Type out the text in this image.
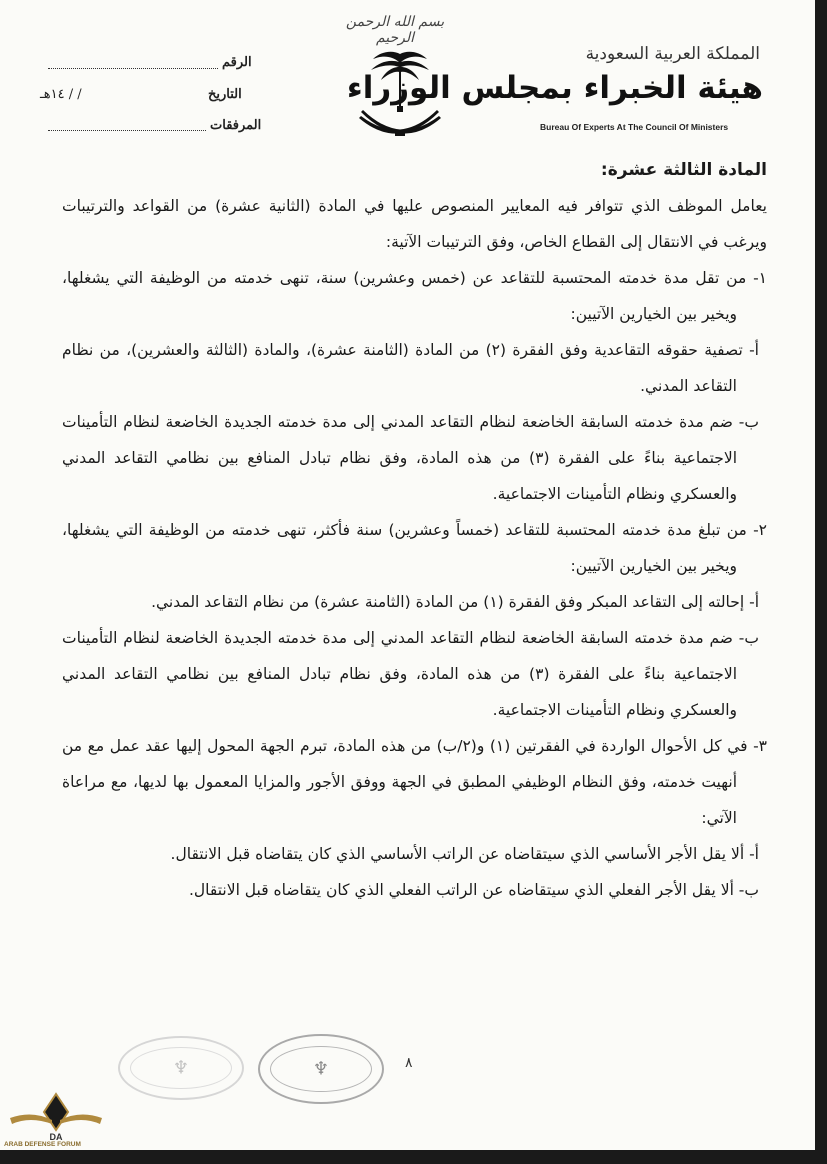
بسم الله الرحمن الرحيم
المملكة العربية السعودية
هيئة الخبراء بمجلس الوزراء
Bureau Of Experts At The Council Of Ministers
الرقم
التاريخ
/ / ١٤هـ
المرفقات

المادة الثالثة عشرة:

يعامل الموظف الذي تتوافر فيه المعايير المنصوص عليها في المادة (الثانية عشرة) من القواعد والترتيبات ويرغب في الانتقال إلى القطاع الخاص، وفق الترتيبات الآتية:

١- من تقل مدة خدمته المحتسبة للتقاعد عن (خمس وعشرين) سنة، تنهى خدمته من الوظيفة التي يشغلها، ويخير بين الخيارين الآتيين:

أ- تصفية حقوقه التقاعدية وفق الفقرة (٢) من المادة (الثامنة عشرة)، والمادة (الثالثة والعشرين)، من نظام التقاعد المدني.

ب- ضم مدة خدمته السابقة الخاضعة لنظام التقاعد المدني إلى مدة خدمته الجديدة الخاضعة لنظام التأمينات الاجتماعية بناءً على الفقرة (٣) من هذه المادة، وفق نظام تبادل المنافع بين نظامي التقاعد المدني والعسكري ونظام التأمينات الاجتماعية.

٢- من تبلغ مدة خدمته المحتسبة للتقاعد (خمساً وعشرين) سنة فأكثر، تنهى خدمته من الوظيفة التي يشغلها، ويخير بين الخيارين الآتيين:

أ- إحالته إلى التقاعد المبكر وفق الفقرة (١) من المادة (الثامنة عشرة) من نظام التقاعد المدني.

ب- ضم مدة خدمته السابقة الخاضعة لنظام التقاعد المدني إلى مدة خدمته الجديدة الخاضعة لنظام التأمينات الاجتماعية بناءً على الفقرة (٣) من هذه المادة، وفق نظام تبادل المنافع بين نظامي التقاعد المدني والعسكري ونظام التأمينات الاجتماعية.

٣- في كل الأحوال الواردة في الفقرتين (١) و(٢/ب) من هذه المادة، تبرم الجهة المحول إليها عقد عمل مع من أنهيت خدمته، وفق النظام الوظيفي المطبق في الجهة ووفق الأجور والمزايا المعمول بها لديها، مع مراعاة الآتي:

أ- ألا يقل الأجر الأساسي الذي سيتقاضاه عن الراتب الأساسي الذي كان يتقاضاه قبل الانتقال.

ب- ألا يقل الأجر الفعلي الذي سيتقاضاه عن الراتب الفعلي الذي كان يتقاضاه قبل الانتقال.

♆	♆	٨
DA
ARAB DEFENSE FORUM
